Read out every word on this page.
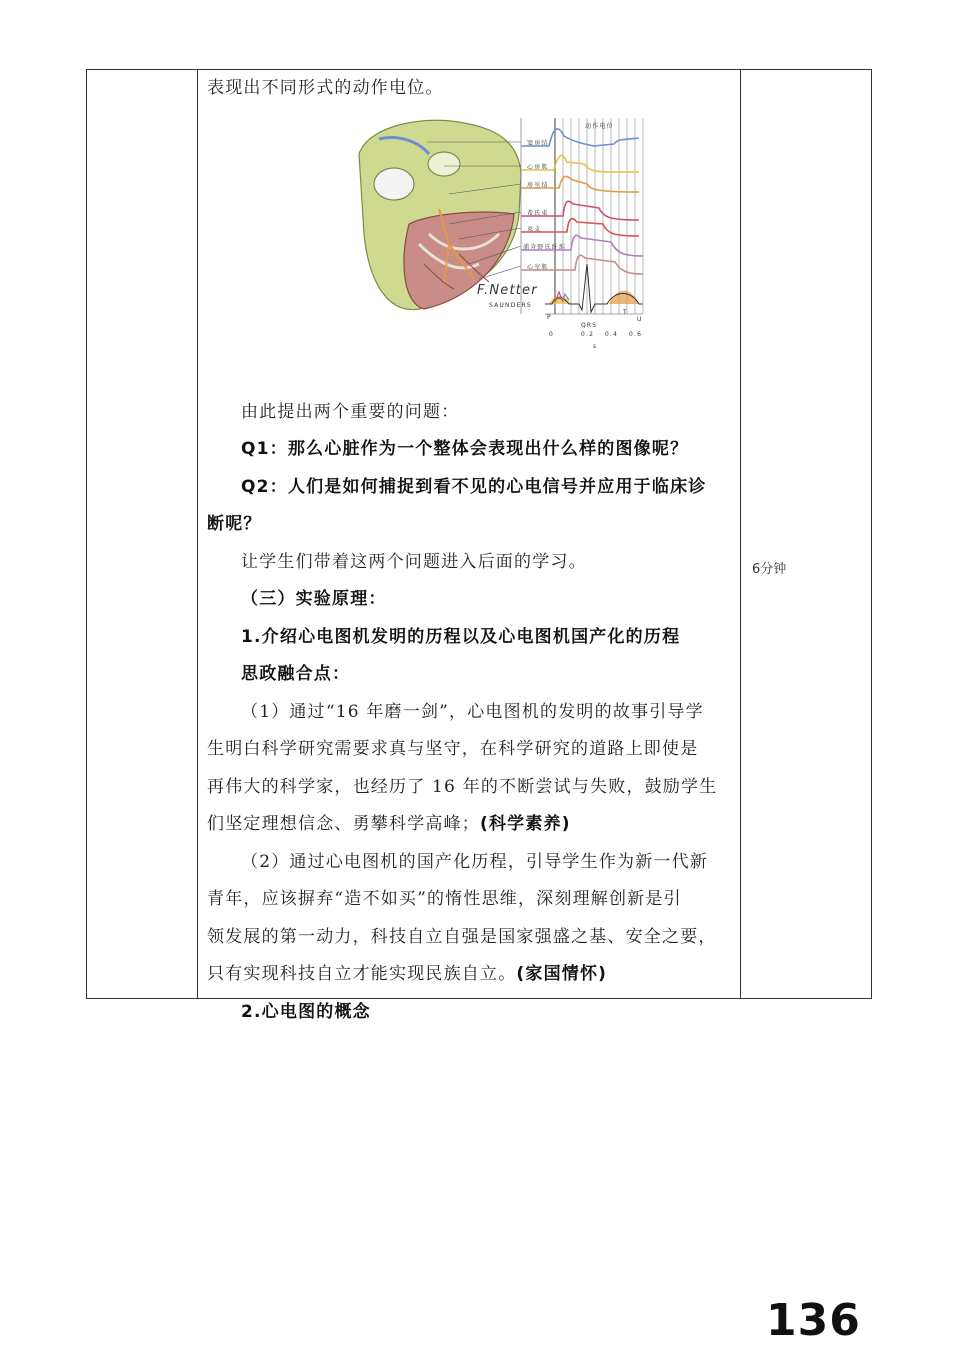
表现出不同形式的动作电位。

F.Netter
SAUNDERS
窦房结
心房肌
房室结
希氏束
束支
浦肯野氏纤维
心室肌
动作电位
P
QRS
T
U
0	0.2 0.4 0.6
s

由此提出两个重要的问题：

Q1：那么心脏作为一个整体会表现出什么样的图像呢？

Q2：人们是如何捕捉到看不见的心电信号并应用于临床诊

断呢？

让学生们带着这两个问题进入后面的学习。

（三）实验原理：

1.介绍心电图机发明的历程以及心电图机国产化的历程

思政融合点：

（1）通过“16 年磨一剑”，心电图机的发明的故事引导学

生明白科学研究需要求真与坚守，在科学研究的道路上即使是

再伟大的科学家，也经历了 16 年的不断尝试与失败，鼓励学生

们坚定理想信念、勇攀科学高峰；(科学素养)

（2）通过心电图机的国产化历程，引导学生作为新一代新

青年，应该摒弃“造不如买”的惰性思维，深刻理解创新是引

领发展的第一动力，科技自立自强是国家强盛之基、安全之要，

只有实现科技自立才能实现民族自立。(家国情怀)

2.心电图的概念

6分钟
136
